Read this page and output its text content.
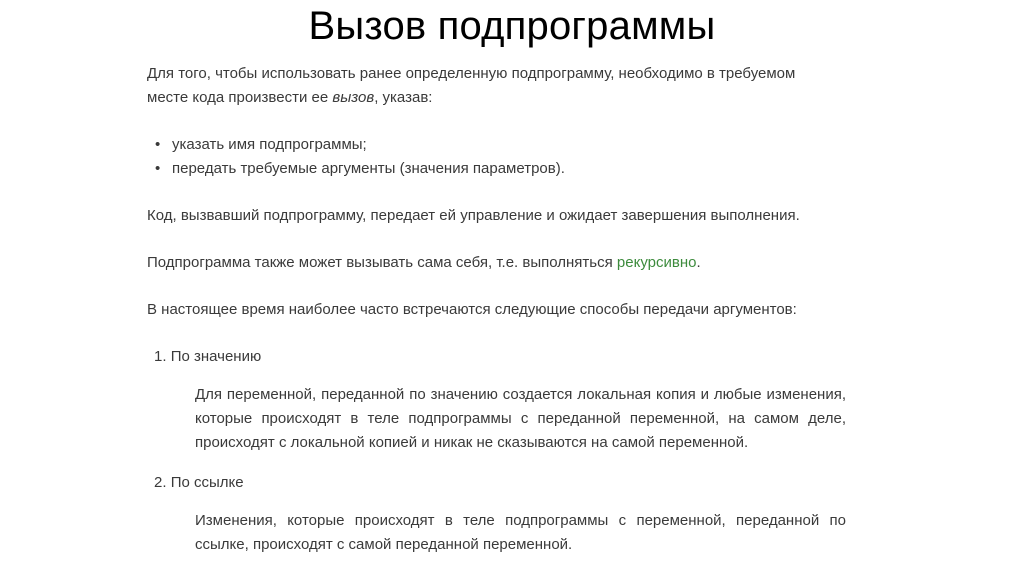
Вызов подпрограммы

Для того, чтобы использовать ранее определенную подпрограмму, необходимо в требуемом
месте кода произвести ее вызов, указав:

• указать имя подпрограммы;
• передать требуемые аргументы (значения параметров).

Код, вызвавший подпрограмму, передает ей управление и ожидает завершения выполнения.

Подпрограмма также может вызывать сама себя, т.е. выполняться рекурсивно.

В настоящее время наиболее часто встречаются следующие способы передачи аргументов:

1. По значению
Для переменной, переданной по значению создается локальная копия и любые изменения, которые происходят в теле подпрограммы с переданной переменной, на самом деле, происходят с локальной копией и никак не сказываются на самой переменной.
2. По ссылке
Изменения, которые происходят в теле подпрограммы с переменной, переданной по ссылке, происходят с самой переданной переменной.
